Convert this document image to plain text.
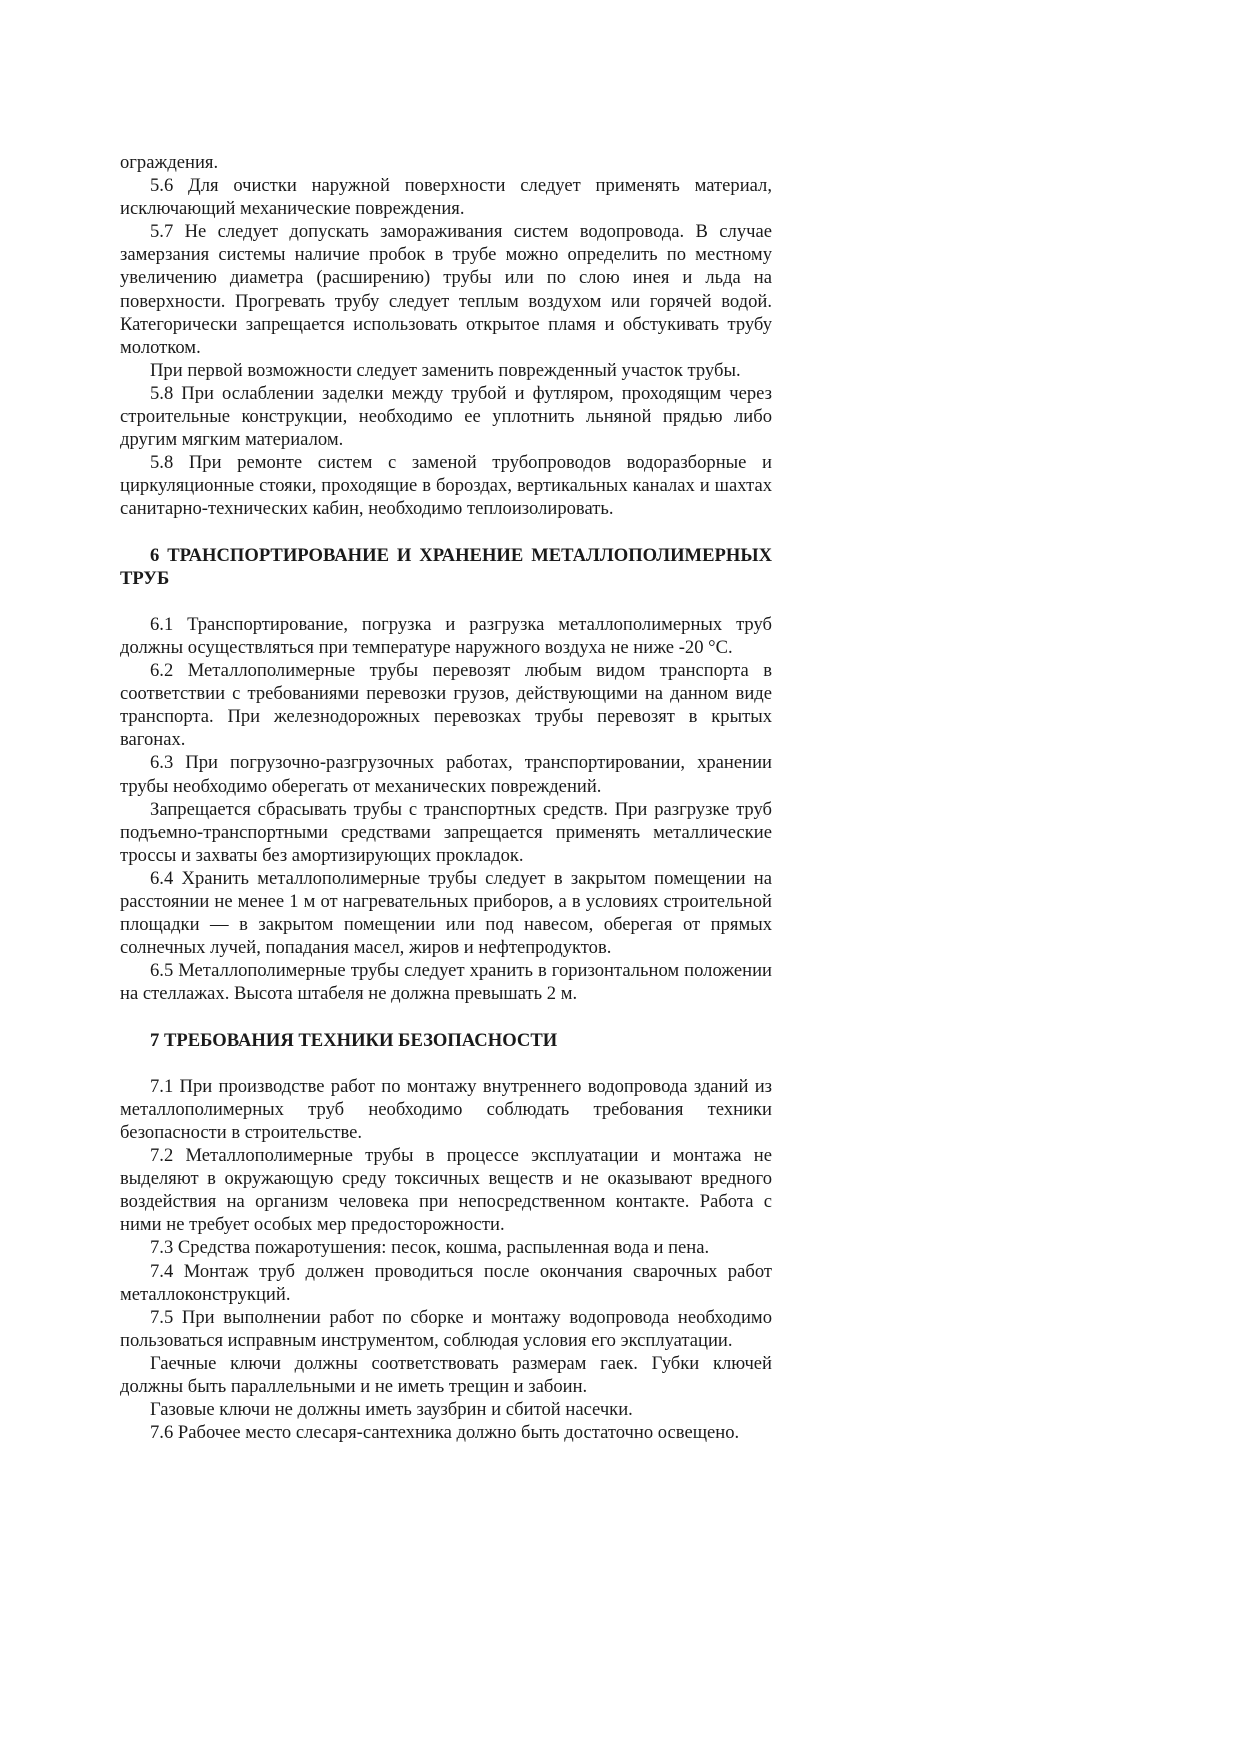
ограждения.

5.6 Для очистки наружной поверхности следует применять материал, исключающий механические повреждения.

5.7 Не следует допускать замораживания систем водопровода. В случае замерзания системы наличие пробок в трубе можно определить по местному увеличению диаметра (расширению) трубы или по слою инея и льда на поверхности. Прогревать трубу следует теплым воздухом или горячей водой. Категорически запрещается использовать открытое пламя и обстукивать трубу молотком.

При первой возможности следует заменить поврежденный участок трубы.

5.8 При ослаблении заделки между трубой и футляром, проходящим через строительные конструкции, необходимо ее уплотнить льняной прядью либо другим мягким материалом.

5.8 При ремонте систем с заменой трубопроводов водоразборные и циркуляционные стояки, проходящие в бороздах, вертикальных каналах и шахтах санитарно-технических кабин, необходимо теплоизолировать.

6 ТРАНСПОРТИРОВАНИЕ И ХРАНЕНИЕ МЕТАЛЛОПОЛИМЕРНЫХ ТРУБ

6.1 Транспортирование, погрузка и разгрузка металлополимерных труб должны осуществляться при температуре наружного воздуха не ниже -20 °С.

6.2 Металлополимерные трубы перевозят любым видом транспорта в соответствии с требованиями перевозки грузов, действующими на данном виде транспорта. При железнодорожных перевозках трубы перевозят в крытых вагонах.

6.3 При погрузочно-разгрузочных работах, транспортировании, хранении трубы необходимо оберегать от механических повреждений.

Запрещается сбрасывать трубы с транспортных средств. При разгрузке труб подъемно-транспортными средствами запрещается применять металлические троссы и захваты без амортизирующих прокладок.

6.4 Хранить металлополимерные трубы следует в закрытом помещении на расстоянии не менее 1 м от нагревательных приборов, а в условиях строительной площадки — в закрытом помещении или под навесом, оберегая от прямых солнечных лучей, попадания масел, жиров и нефтепродуктов.

6.5 Металлополимерные трубы следует хранить в горизонтальном положении на стеллажах. Высота штабеля не должна превышать 2 м.

7 ТРЕБОВАНИЯ ТЕХНИКИ БЕЗОПАСНОСТИ

7.1 При производстве работ по монтажу внутреннего водопровода зданий из металлополимерных труб необходимо соблюдать требования техники безопасности в строительстве.

7.2 Металлополимерные трубы в процессе эксплуатации и монтажа не выделяют в окружающую среду токсичных веществ и не оказывают вредного воздействия на организм человека при непосредственном контакте. Работа с ними не требует особых мер предосторожности.

7.3 Средства пожаротушения: песок, кошма, распыленная вода и пена.

7.4 Монтаж труб должен проводиться после окончания сварочных работ металлоконструкций.

7.5 При выполнении работ по сборке и монтажу водопровода необходимо пользоваться исправным инструментом, соблюдая условия его эксплуатации.

Гаечные ключи должны соответствовать размерам гаек. Губки ключей должны быть параллельными и не иметь трещин и забоин.

Газовые ключи не должны иметь заузбрин и сбитой насечки.

7.6 Рабочее место слесаря-сантехника должно быть достаточно освещено.
